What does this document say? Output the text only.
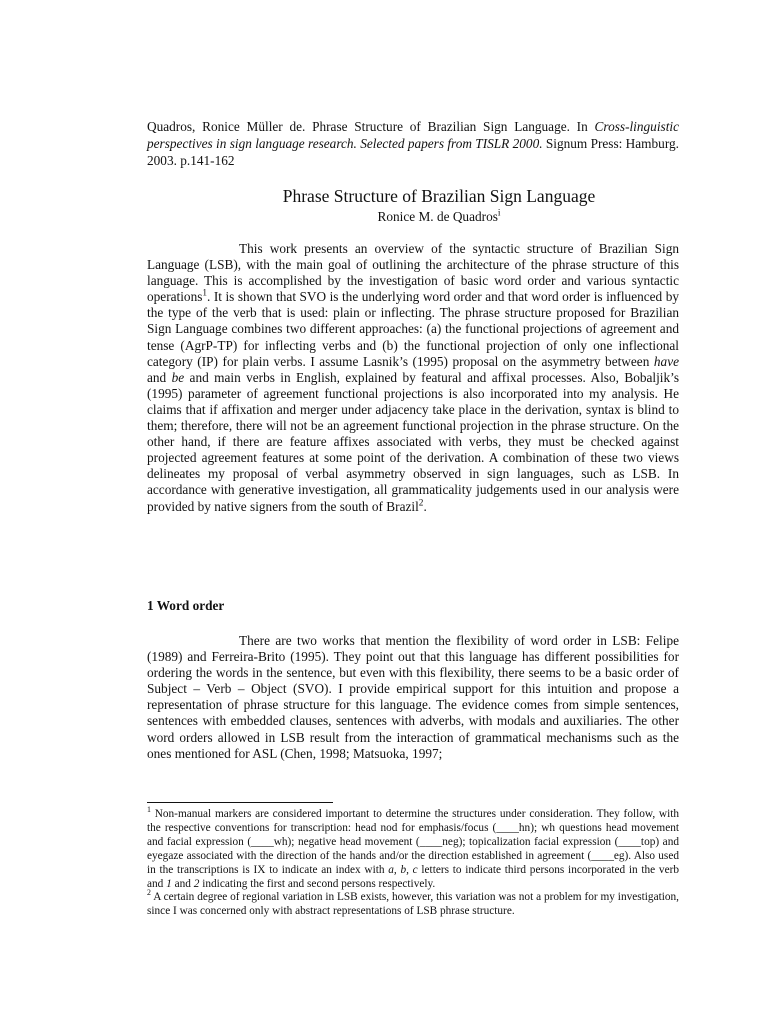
Quadros, Ronice Müller de. Phrase Structure of Brazilian Sign Language. In Cross-linguistic perspectives in sign language research. Selected papers from TISLR 2000. Signum Press: Hamburg. 2003. p.141-162

Phrase Structure of Brazilian Sign Language

Ronice M. de Quadros$^i$

This work presents an overview of the syntactic structure of Brazilian Sign Language (LSB), with the main goal of outlining the architecture of the phrase structure of this language. This is accomplished by the investigation of basic word order and various syntactic operations$^1$. It is shown that SVO is the underlying word order and that word order is influenced by the type of the verb that is used: plain or inflecting. The phrase structure proposed for Brazilian Sign Language combines two different approaches: (a) the functional projections of agreement and tense (AgrP-TP) for inflecting verbs and (b) the functional projection of only one inflectional category (IP) for plain verbs. I assume Lasnik’s (1995) proposal on the asymmetry between have and be and main verbs in English, explained by featural and affixal processes. Also, Bobaljik’s (1995) parameter of agreement functional projections is also incorporated into my analysis. He claims that if affixation and merger under adjacency take place in the derivation, syntax is blind to them; therefore, there will not be an agreement functional projection in the phrase structure. On the other hand, if there are feature affixes associated with verbs, they must be checked against projected agreement features at some point of the derivation. A combination of these two views delineates my proposal of verbal asymmetry observed in sign languages, such as LSB. In accordance with generative investigation, all grammaticality judgements used in our analysis were provided by native signers from the south of Brazil$^2$.

1 Word order

There are two works that mention the flexibility of word order in LSB: Felipe (1989) and Ferreira-Brito (1995). They point out that this language has different possibilities for ordering the words in the sentence, but even with this flexibility, there seems to be a basic order of Subject – Verb – Object (SVO). I provide empirical support for this intuition and propose a representation of phrase structure for this language. The evidence comes from simple sentences, sentences with embedded clauses, sentences with adverbs, with modals and auxiliaries. The other word orders allowed in LSB result from the interaction of grammatical mechanisms such as the ones mentioned for ASL (Chen, 1998; Matsuoka, 1997;

$^1$ Non-manual markers are considered important to determine the structures under consideration. They follow, with the respective conventions for transcription: head nod for emphasis/focus (____hn); wh questions head movement and facial expression (____wh); negative head movement (____neg); topicalization facial expression (____top) and eyegaze associated with the direction of the hands and/or the direction established in agreement (____eg). Also used in the transcriptions is IX to indicate an index with a, b, c letters to indicate third persons incorporated in the verb and 1 and 2 indicating the first and second persons respectively.

$^2$ A certain degree of regional variation in LSB exists, however, this variation was not a problem for my investigation, since I was concerned only with abstract representations of LSB phrase structure.
